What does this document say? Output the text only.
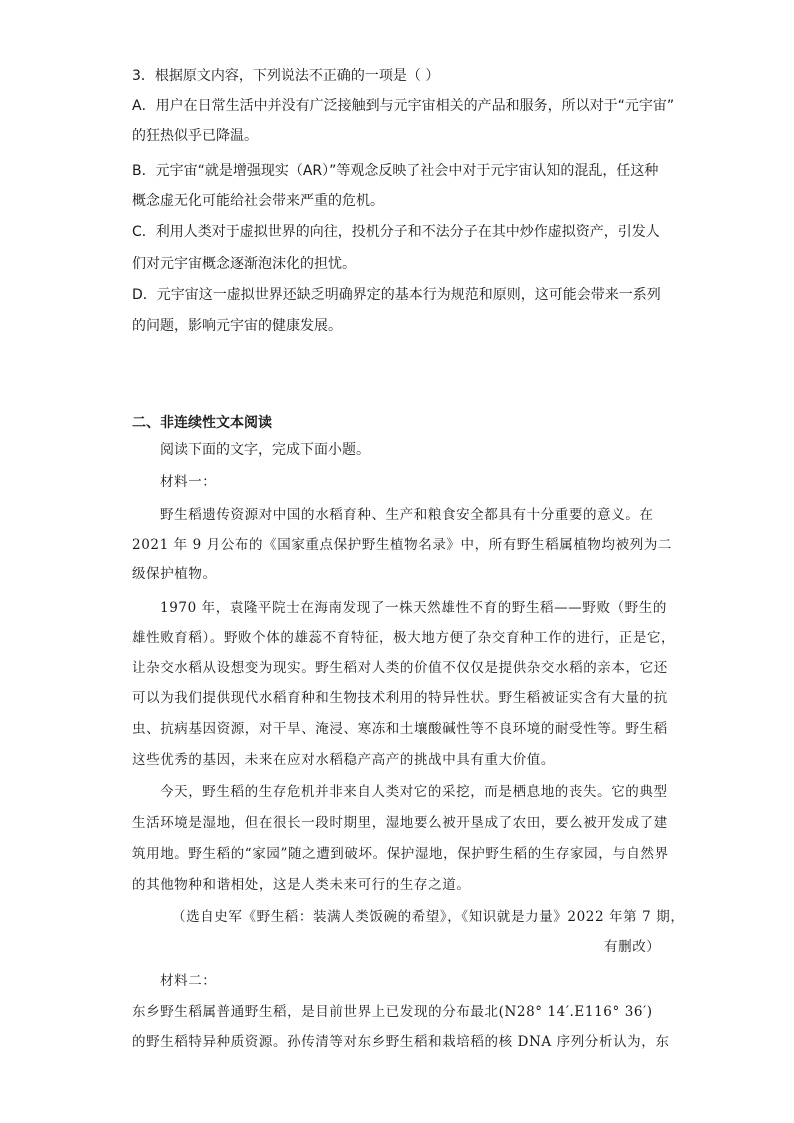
3．根据原文内容，下列说法不正确的一项是（ ）
A．用户在日常生活中并没有广泛接触到与元宇宙相关的产品和服务，所以对于“元宇宙”
的狂热似乎已降温。
B．元宇宙“就是增强现实（AR）”等观念反映了社会中对于元宇宙认知的混乱，任这种
概念虚无化可能给社会带来严重的危机。
C．利用人类对于虚拟世界的向往，投机分子和不法分子在其中炒作虚拟资产，引发人
们对元宇宙概念逐渐泡沫化的担忧。
D．元宇宙这一虚拟世界还缺乏明确界定的基本行为规范和原则，这可能会带来一系列
的问题，影响元宇宙的健康发展。
二、非连续性文本阅读
阅读下面的文字，完成下面小题。
材料一：
野生稻遗传资源对中国的水稻育种、生产和粮食安全都具有十分重要的意义。在
2021 年 9 月公布的《国家重点保护野生植物名录》中，所有野生稻属植物均被列为二
级保护植物。
1970 年，袁隆平院士在海南发现了一株天然雄性不育的野生稻——野败（野生的
雄性败育稻）。野败个体的雄蕊不育特征，极大地方便了杂交育种工作的进行，正是它，
让杂交水稻从设想变为现实。野生稻对人类的价值不仅仅是提供杂交水稻的亲本，它还
可以为我们提供现代水稻育种和生物技术利用的特异性状。野生稻被证实含有大量的抗
虫、抗病基因资源，对干旱、淹浸、寒冻和土壤酸碱性等不良环境的耐受性等。野生稻
这些优秀的基因，未来在应对水稻稳产高产的挑战中具有重大价值。
今天，野生稻的生存危机并非来自人类对它的采挖，而是栖息地的丧失。它的典型
生活环境是湿地，但在很长一段时期里，湿地要么被开垦成了农田，要么被开发成了建
筑用地。野生稻的“家园”随之遭到破坏。保护湿地，保护野生稻的生存家园，与自然界
的其他物种和谐相处，这是人类未来可行的生存之道。
（选自史军《野生稻：装满人类饭碗的希望》，《知识就是力量》2022 年第 7 期，
有删改）
材料二：
东乡野生稻属普通野生稻，是目前世界上已发现的分布最北(N28° 14′.E116° 36′)
的野生稻特异种质资源。孙传清等对东乡野生稻和栽培稻的核 DNA 序列分析认为，东
